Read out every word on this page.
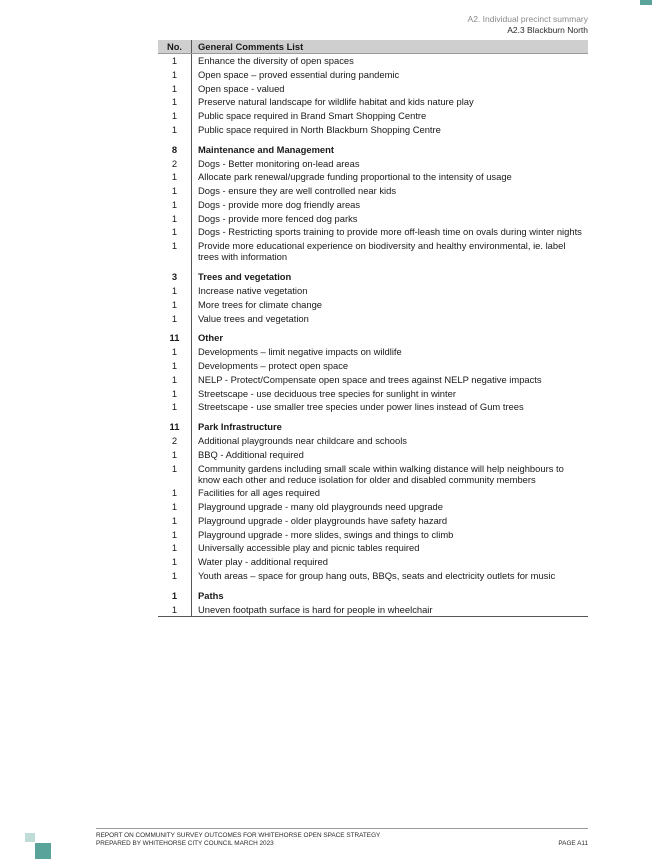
A2. Individual precinct summary
A2.3 Blackburn North
No.	General Comments List
1	Enhance the diversity of open spaces
1	Open space – proved essential during pandemic
1	Open space - valued
1	Preserve natural landscape for wildlife habitat and kids nature play
1	Public space required in Brand Smart Shopping Centre
1	Public space required in North Blackburn Shopping Centre
8	Maintenance and Management
2	Dogs - Better monitoring on-lead areas
1	Allocate park renewal/upgrade funding proportional to the intensity of usage
1	Dogs - ensure they are well controlled near kids
1	Dogs - provide more dog friendly areas
1	Dogs - provide more fenced dog parks
1	Dogs - Restricting sports training to provide more off-leash time on ovals during winter nights
1	Provide more educational experience on biodiversity and healthy environmental, ie. label trees with information
3	Trees and vegetation
1	Increase native vegetation
1	More trees for climate change
1	Value trees and vegetation
11	Other
1	Developments – limit negative impacts on wildlife
1	Developments – protect open space
1	NELP - Protect/Compensate open space and trees against NELP negative impacts
1	Streetscape - use deciduous tree species for sunlight in winter
1	Streetscape - use smaller tree species under power lines instead of Gum trees
11	Park Infrastructure
2	Additional playgrounds near childcare and schools
1	BBQ - Additional required
1	Community gardens including small scale within walking distance will help neighbours to know each other and reduce isolation for older and disabled community members
1	Facilities for all ages required
1	Playground upgrade - many old playgrounds need upgrade
1	Playground upgrade - older playgrounds have safety hazard
1	Playground upgrade - more slides, swings and things to climb
1	Universally accessible play and picnic tables required
1	Water play - additional required
1	Youth areas – space for group hang outs, BBQs, seats and electricity outlets for music
1	Paths
1	Uneven footpath surface is hard for people in wheelchair
REPORT ON COMMUNITY SURVEY OUTCOMES FOR WHITEHORSE OPEN SPACE STRATEGY
PREPARED BY WHITEHORSE CITY COUNCIL MARCH 2023	PAGE A11
